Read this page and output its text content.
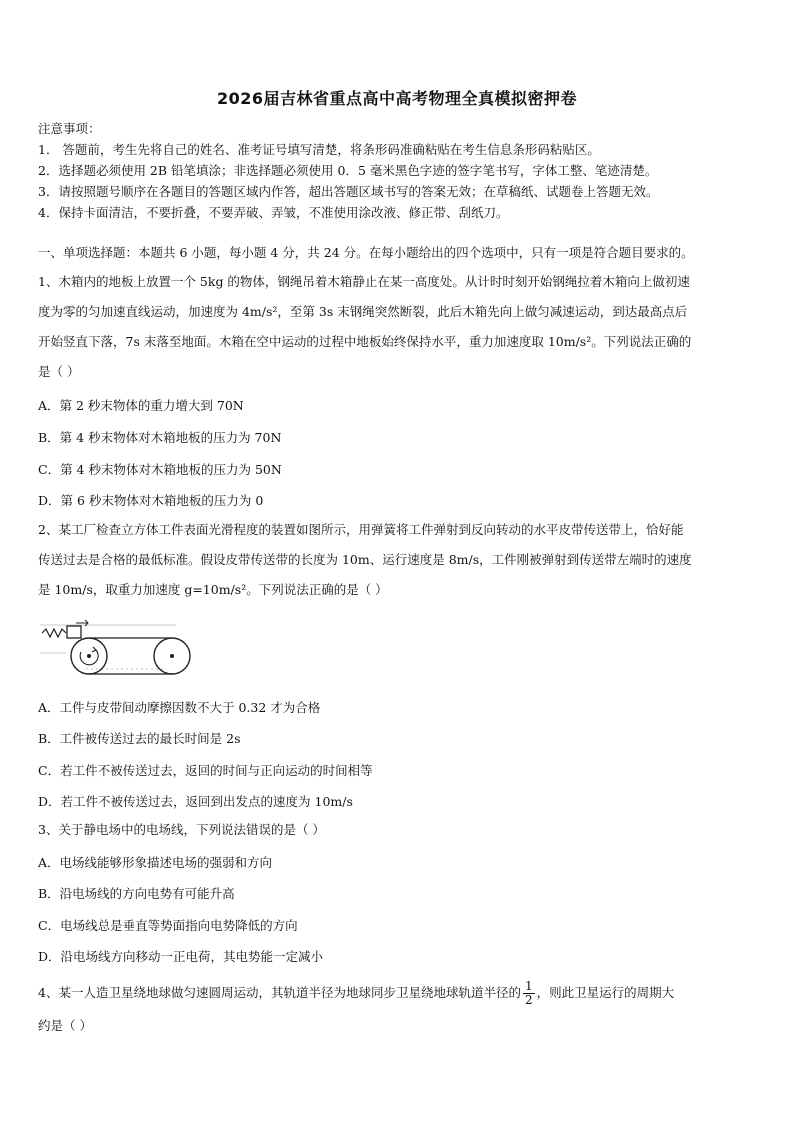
2026届吉林省重点高中高考物理全真模拟密押卷
注意事项：
1． 答题前，考生先将自己的姓名、准考证号填写清楚，将条形码准确粘贴在考生信息条形码粘贴区。
2．选择题必须使用 2B 铅笔填涂；非选择题必须使用 0．5 毫米黑色字迹的签字笔书写，字体工整、笔迹清楚。
3．请按照题号顺序在各题目的答题区域内作答，超出答题区域书写的答案无效；在草稿纸、试题卷上答题无效。
4．保持卡面清洁，不要折叠，不要弄破、弄皱，不准使用涂改液、修正带、刮纸刀。
一、单项选择题：本题共 6 小题，每小题 4 分，共 24 分。在每小题给出的四个选项中，只有一项是符合题目要求的。
1、木箱内的地板上放置一个 5kg 的物体，钢绳吊着木箱静止在某一高度处。从计时时刻开始钢绳拉着木箱向上做初速
度为零的匀加速直线运动，加速度为 4m/s²，至第 3s 末钢绳突然断裂，此后木箱先向上做匀减速运动，到达最高点后
开始竖直下落，7s 末落至地面。木箱在空中运动的过程中地板始终保持水平，重力加速度取 10m/s²。下列说法正确的
是（ ）
A．第 2 秒末物体的重力增大到 70N
B．第 4 秒末物体对木箱地板的压力为 70N
C．第 4 秒末物体对木箱地板的压力为 50N
D．第 6 秒末物体对木箱地板的压力为 0
2、某工厂检查立方体工件表面光滑程度的装置如图所示，用弹簧将工件弹射到反向转动的水平皮带传送带上，恰好能
传送过去是合格的最低标准。假设皮带传送带的长度为 10m、运行速度是 8m/s，工件刚被弹射到传送带左端时的速度
是 10m/s，取重力加速度 g=10m/s²。下列说法正确的是（ ）
A．工件与皮带间动摩擦因数不大于 0.32 才为合格
B．工件被传送过去的最长时间是 2s
C．若工件不被传送过去，返回的时间与正向运动的时间相等
D．若工件不被传送过去，返回到出发点的速度为 10m/s
3、关于静电场中的电场线，下列说法错误的是（ ）
A．电场线能够形象描述电场的强弱和方向
B．沿电场线的方向电势有可能升高
C．电场线总是垂直等势面指向电势降低的方向
D．沿电场线方向移动一正电荷，其电势能一定减小
4、某一人造卫星绕地球做匀速圆周运动，其轨道半径为地球同步卫星绕地球轨道半径的 $\frac{1}{2}$ ，则此卫星运行的周期大
约是（ ）
